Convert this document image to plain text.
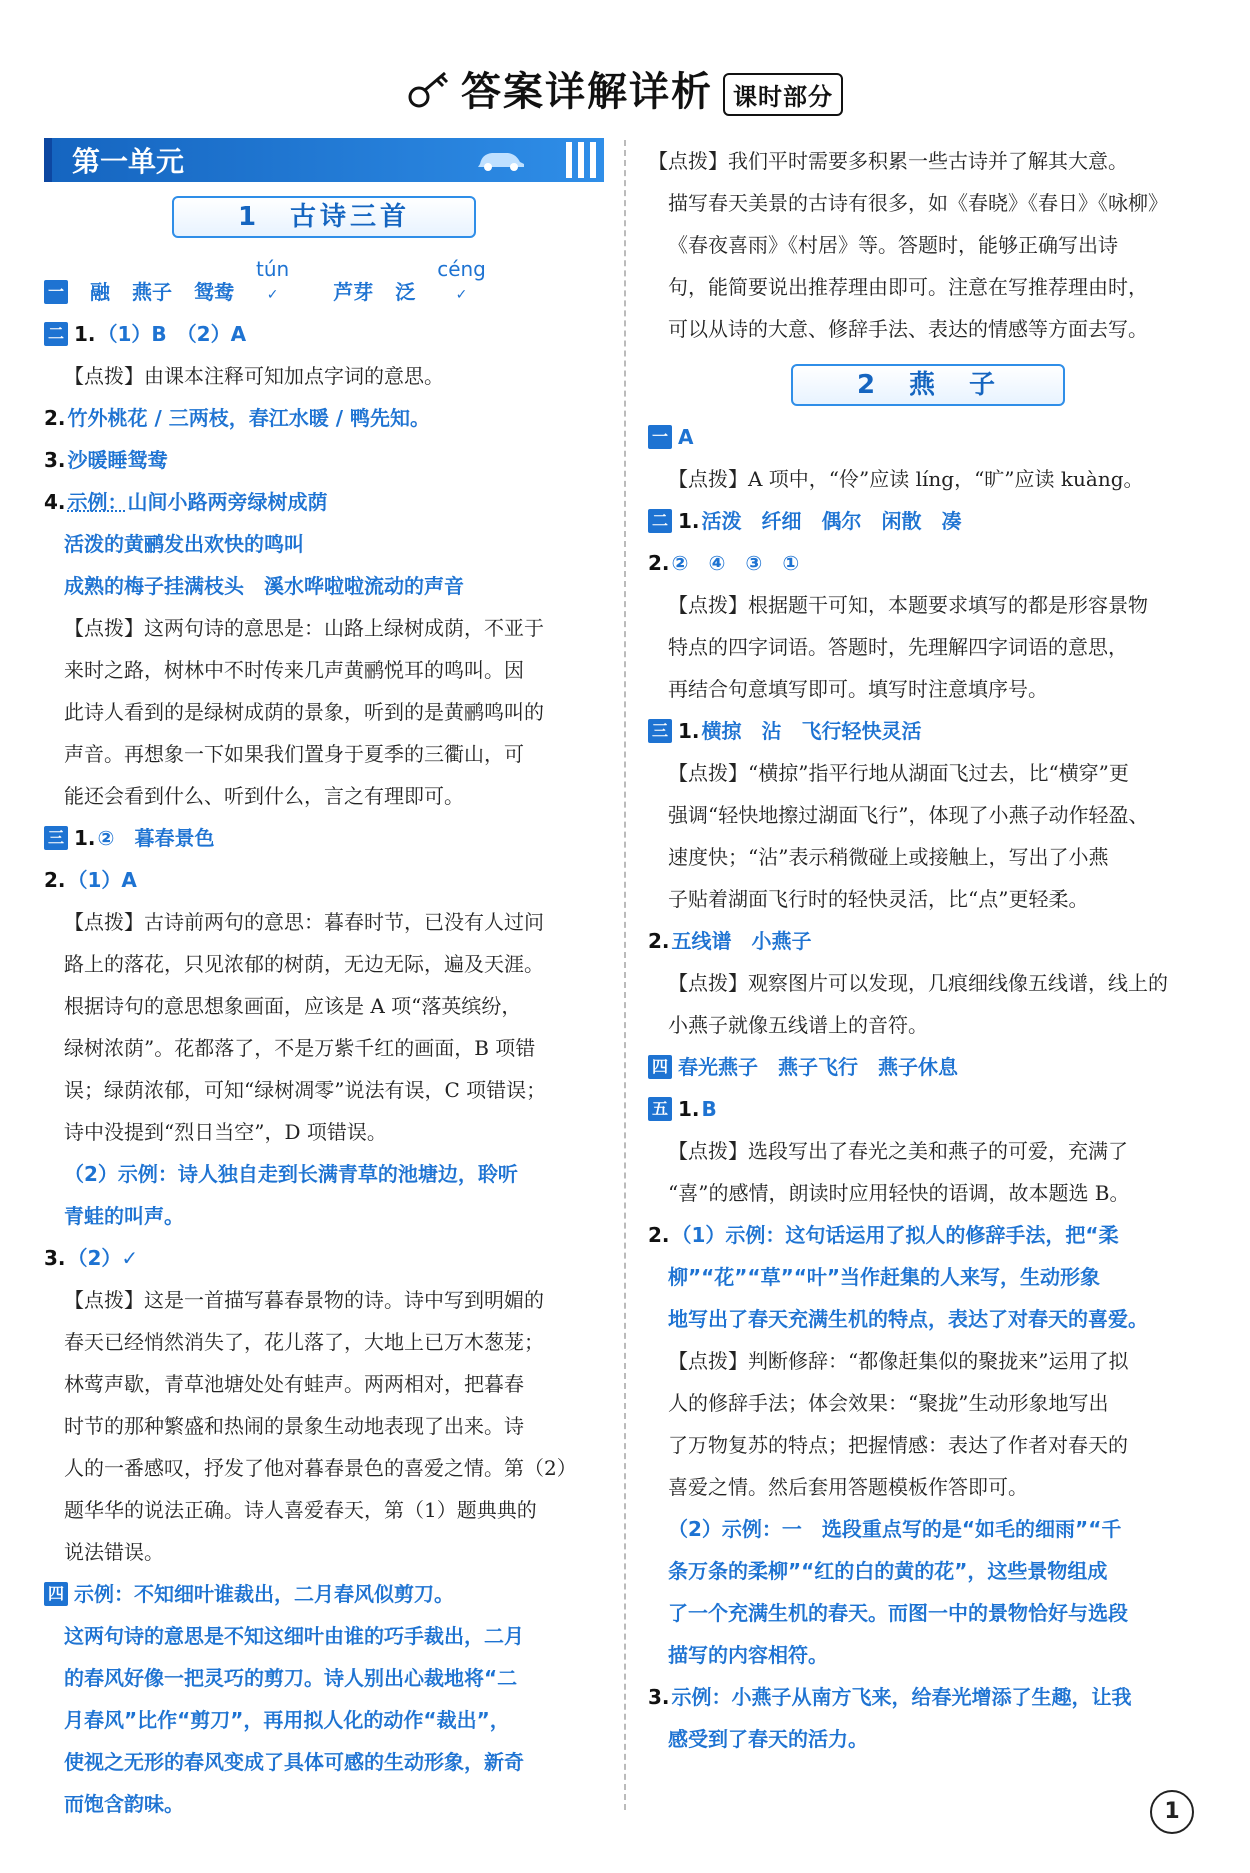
答案详解详析 课时部分
第一单元
1　古诗三首
一 融 燕子 鸳鸯tún
✓	芦芽 泛céng
✓
二 1. （1）B　（2）A
【点拨】由课本注释可知加点字词的意思。
2. 竹外桃花 / 三两枝，春江水暖 / 鸭先知。
3. 沙暖睡鸳鸯
4. 示例：山间小路两旁绿树成荫
活泼的黄鹂发出欢快的鸣叫
成熟的梅子挂满枝头　溪水哗啦啦流动的声音
【点拨】这两句诗的意思是：山路上绿树成荫，不亚于
来时之路，树林中不时传来几声黄鹂悦耳的鸣叫。因
此诗人看到的是绿树成荫的景象，听到的是黄鹂鸣叫的
声音。再想象一下如果我们置身于夏季的三衢山，可
能还会看到什么、听到什么，言之有理即可。
三 1. ②　暮春景色
2. （1）A
【点拨】古诗前两句的意思：暮春时节，已没有人过问
路上的落花，只见浓郁的树荫，无边无际，遍及天涯。
根据诗句的意思想象画面，应该是 A 项“落英缤纷，
绿树浓荫”。花都落了，不是万紫千红的画面，B 项错
误；绿荫浓郁，可知“绿树凋零”说法有误，C 项错误；
诗中没提到“烈日当空”，D 项错误。
（2）示例：诗人独自走到长满青草的池塘边，聆听
青蛙的叫声。
3. （2）✓
【点拨】这是一首描写暮春景物的诗。诗中写到明媚的
春天已经悄然消失了，花儿落了，大地上已万木葱茏；
林莺声歇，青草池塘处处有蛙声。两两相对，把暮春
时节的那种繁盛和热闹的景象生动地表现了出来。诗
人的一番感叹，抒发了他对暮春景色的喜爱之情。第（2）
题华华的说法正确。诗人喜爱春天，第（1）题典典的
说法错误。
四 示例：不知细叶谁裁出，二月春风似剪刀。
这两句诗的意思是不知这细叶由谁的巧手裁出，二月
的春风好像一把灵巧的剪刀。诗人别出心裁地将“二
月春风”比作“剪刀”，再用拟人化的动作“裁出”，
使视之无形的春风变成了具体可感的生动形象，新奇
而饱含韵味。
【点拨】我们平时需要多积累一些古诗并了解其大意。
描写春天美景的古诗有很多，如《春晓》《春日》《咏柳》
《春夜喜雨》《村居》等。答题时，能够正确写出诗
句，能简要说出推荐理由即可。注意在写推荐理由时，
可以从诗的大意、修辞手法、表达的情感等方面去写。
2　燕　子
一 A
【点拨】A 项中，“伶”应读 líng，“旷”应读 kuàng。
二 1. 活泼　纤细　偶尔　闲散　凑
2. ②　④　③　①
【点拨】根据题干可知，本题要求填写的都是形容景物
特点的四字词语。答题时，先理解四字词语的意思，
再结合句意填写即可。填写时注意填序号。
三 1. 横掠　沾　飞行轻快灵活
【点拨】“横掠”指平行地从湖面飞过去，比“横穿”更
强调“轻快地擦过湖面飞行”，体现了小燕子动作轻盈、
速度快；“沾”表示稍微碰上或接触上，写出了小燕
子贴着湖面飞行时的轻快灵活，比“点”更轻柔。
2. 五线谱　小燕子
【点拨】观察图片可以发现，几痕细线像五线谱，线上的
小燕子就像五线谱上的音符。
四 春光燕子　燕子飞行　燕子休息
五 1. B
【点拨】选段写出了春光之美和燕子的可爱，充满了
“喜”的感情，朗读时应用轻快的语调，故本题选 B。
2. （1）示例：这句话运用了拟人的修辞手法，把“柔
柳”“花”“草”“叶”当作赶集的人来写，生动形象
地写出了春天充满生机的特点，表达了对春天的喜爱。
【点拨】判断修辞：“都像赶集似的聚拢来”运用了拟
人的修辞手法；体会效果：“聚拢”生动形象地写出
了万物复苏的特点；把握情感：表达了作者对春天的
喜爱之情。然后套用答题模板作答即可。
（2）示例：一　选段重点写的是“如毛的细雨”“千
条万条的柔柳”“红的白的黄的花”，这些景物组成
了一个充满生机的春天。而图一中的景物恰好与选段
描写的内容相符。
3. 示例：小燕子从南方飞来，给春光增添了生趣，让我
感受到了春天的活力。
1
